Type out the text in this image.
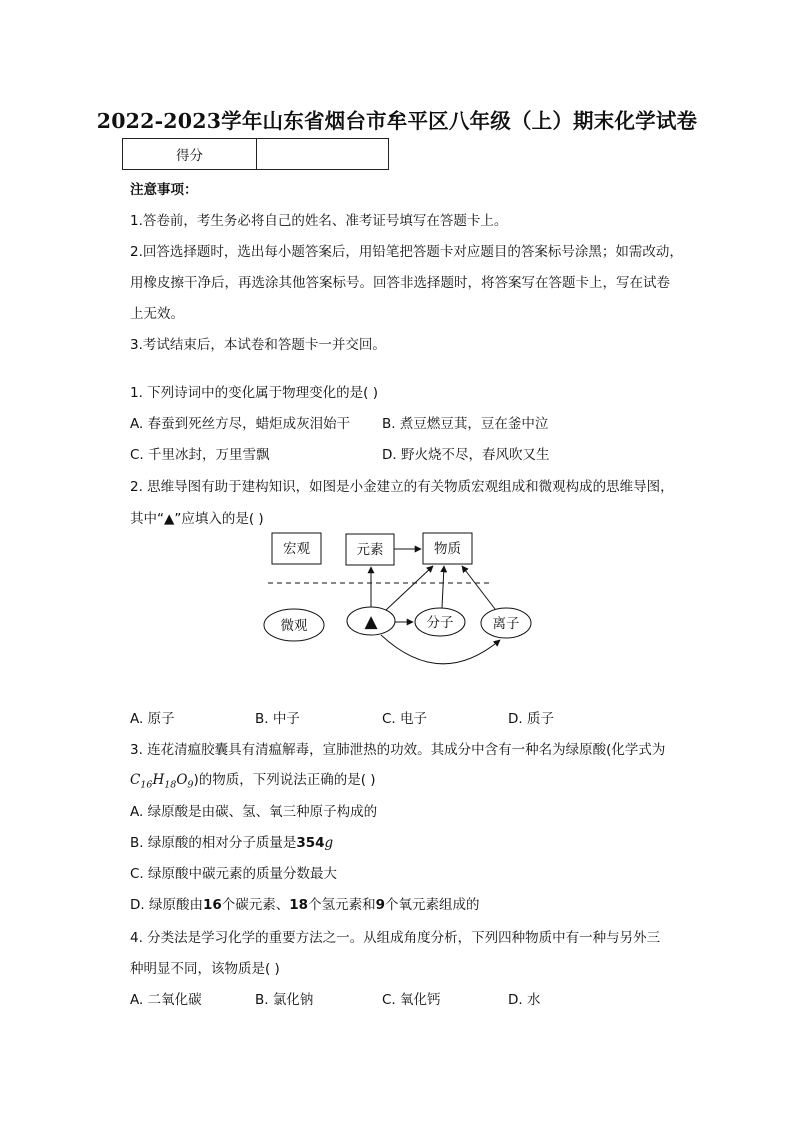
2022-2023学年山东省烟台市牟平区八年级（上）期末化学试卷
得分	
注意事项：
1.答卷前，考生务必将自己的姓名、准考证号填写在答题卡上。
2.回答选择题时，选出每小题答案后，用铅笔把答题卡对应题目的答案标号涂黑；如需改动，
用橡皮擦干净后，再选涂其他答案标号。回答非选择题时，将答案写在答题卡上，写在试卷
上无效。
3.考试结束后，本试卷和答题卡一并交回。
1. 下列诗词中的变化属于物理变化的是( )
A. 春蚕到死丝方尽，蜡炬成灰泪始干 B. 煮豆燃豆萁，豆在釜中泣
C. 千里冰封，万里雪飘	D. 野火烧不尽，春风吹又生
2. 思维导图有助于建构知识，如图是小金建立的有关物质宏观组成和微观构成的思维导图，
其中“▲”应填入的是( )
宏观	元素	物质
微观	▲	分子	离子
A. 原子	B. 中子	C. 电子	D. 质子
3. 连花清瘟胶囊具有清瘟解毒，宣肺泄热的功效。其成分中含有一种名为绿原酸(化学式为
$C_{16}H_{18}O_9$)的物质，下列说法正确的是( )
A. 绿原酸是由碳、氢、氧三种原子构成的
B. 绿原酸的相对分子质量是354g
C. 绿原酸中碳元素的质量分数最大
D. 绿原酸由16个碳元素、18个氢元素和9个氧元素组成的
4. 分类法是学习化学的重要方法之一。从组成角度分析，下列四种物质中有一种与另外三
种明显不同，该物质是( )
A. 二氧化碳	B. 氯化钠	C. 氧化钙	D. 水
